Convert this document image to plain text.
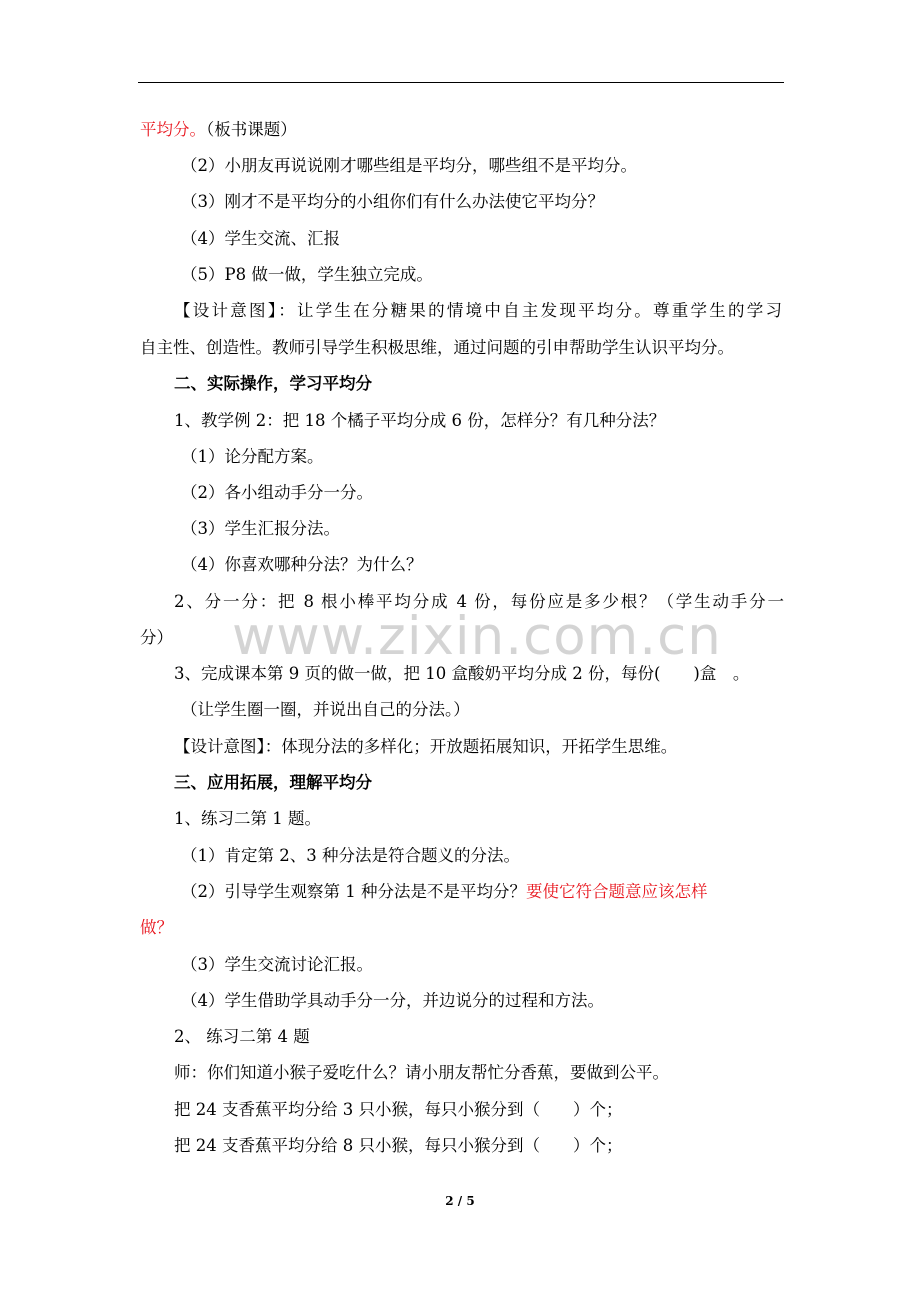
平均分。（板书课题）
（2）小朋友再说说刚才哪些组是平均分，哪些组不是平均分。
（3）刚才不是平均分的小组你们有什么办法使它平均分？
（4）学生交流、汇报
（5）P8 做一做，学生独立完成。
【设计意图】：让学生在分糖果的情境中自主发现平均分。尊重学生的学习
自主性、创造性。教师引导学生积极思维，通过问题的引申帮助学生认识平均分。
二、实际操作，学习平均分
1、教学例 2：把 18 个橘子平均分成 6 份，怎样分？有几种分法？
（1）论分配方案。
（2）各小组动手分一分。
（3）学生汇报分法。
（4）你喜欢哪种分法？为什么？
2、分一分：把 8 根小棒平均分成 4 份，每份应是多少根？（学生动手分一
分）
3、完成课本第 9 页的做一做，把 10 盒酸奶平均分成 2 份，每份(　　)盒　。
（让学生圈一圈，并说出自己的分法。）
【设计意图】：体现分法的多样化；开放题拓展知识，开拓学生思维。
三、应用拓展，理解平均分
1、练习二第 1 题。
（1）肯定第 2、3 种分法是符合题义的分法。
（2）引导学生观察第 1 种分法是不是平均分？要使它符合题意应该怎样
做？
（3）学生交流讨论汇报。
（4）学生借助学具动手分一分，并边说分的过程和方法。
2、 练习二第 4 题
师：你们知道小猴子爱吃什么？请小朋友帮忙分香蕉，要做到公平。
把 24 支香蕉平均分给 3 只小猴，每只小猴分到（　　）个；
把 24 支香蕉平均分给 8 只小猴，每只小猴分到（　　）个；
www.zixin.com.cn
2 / 5
